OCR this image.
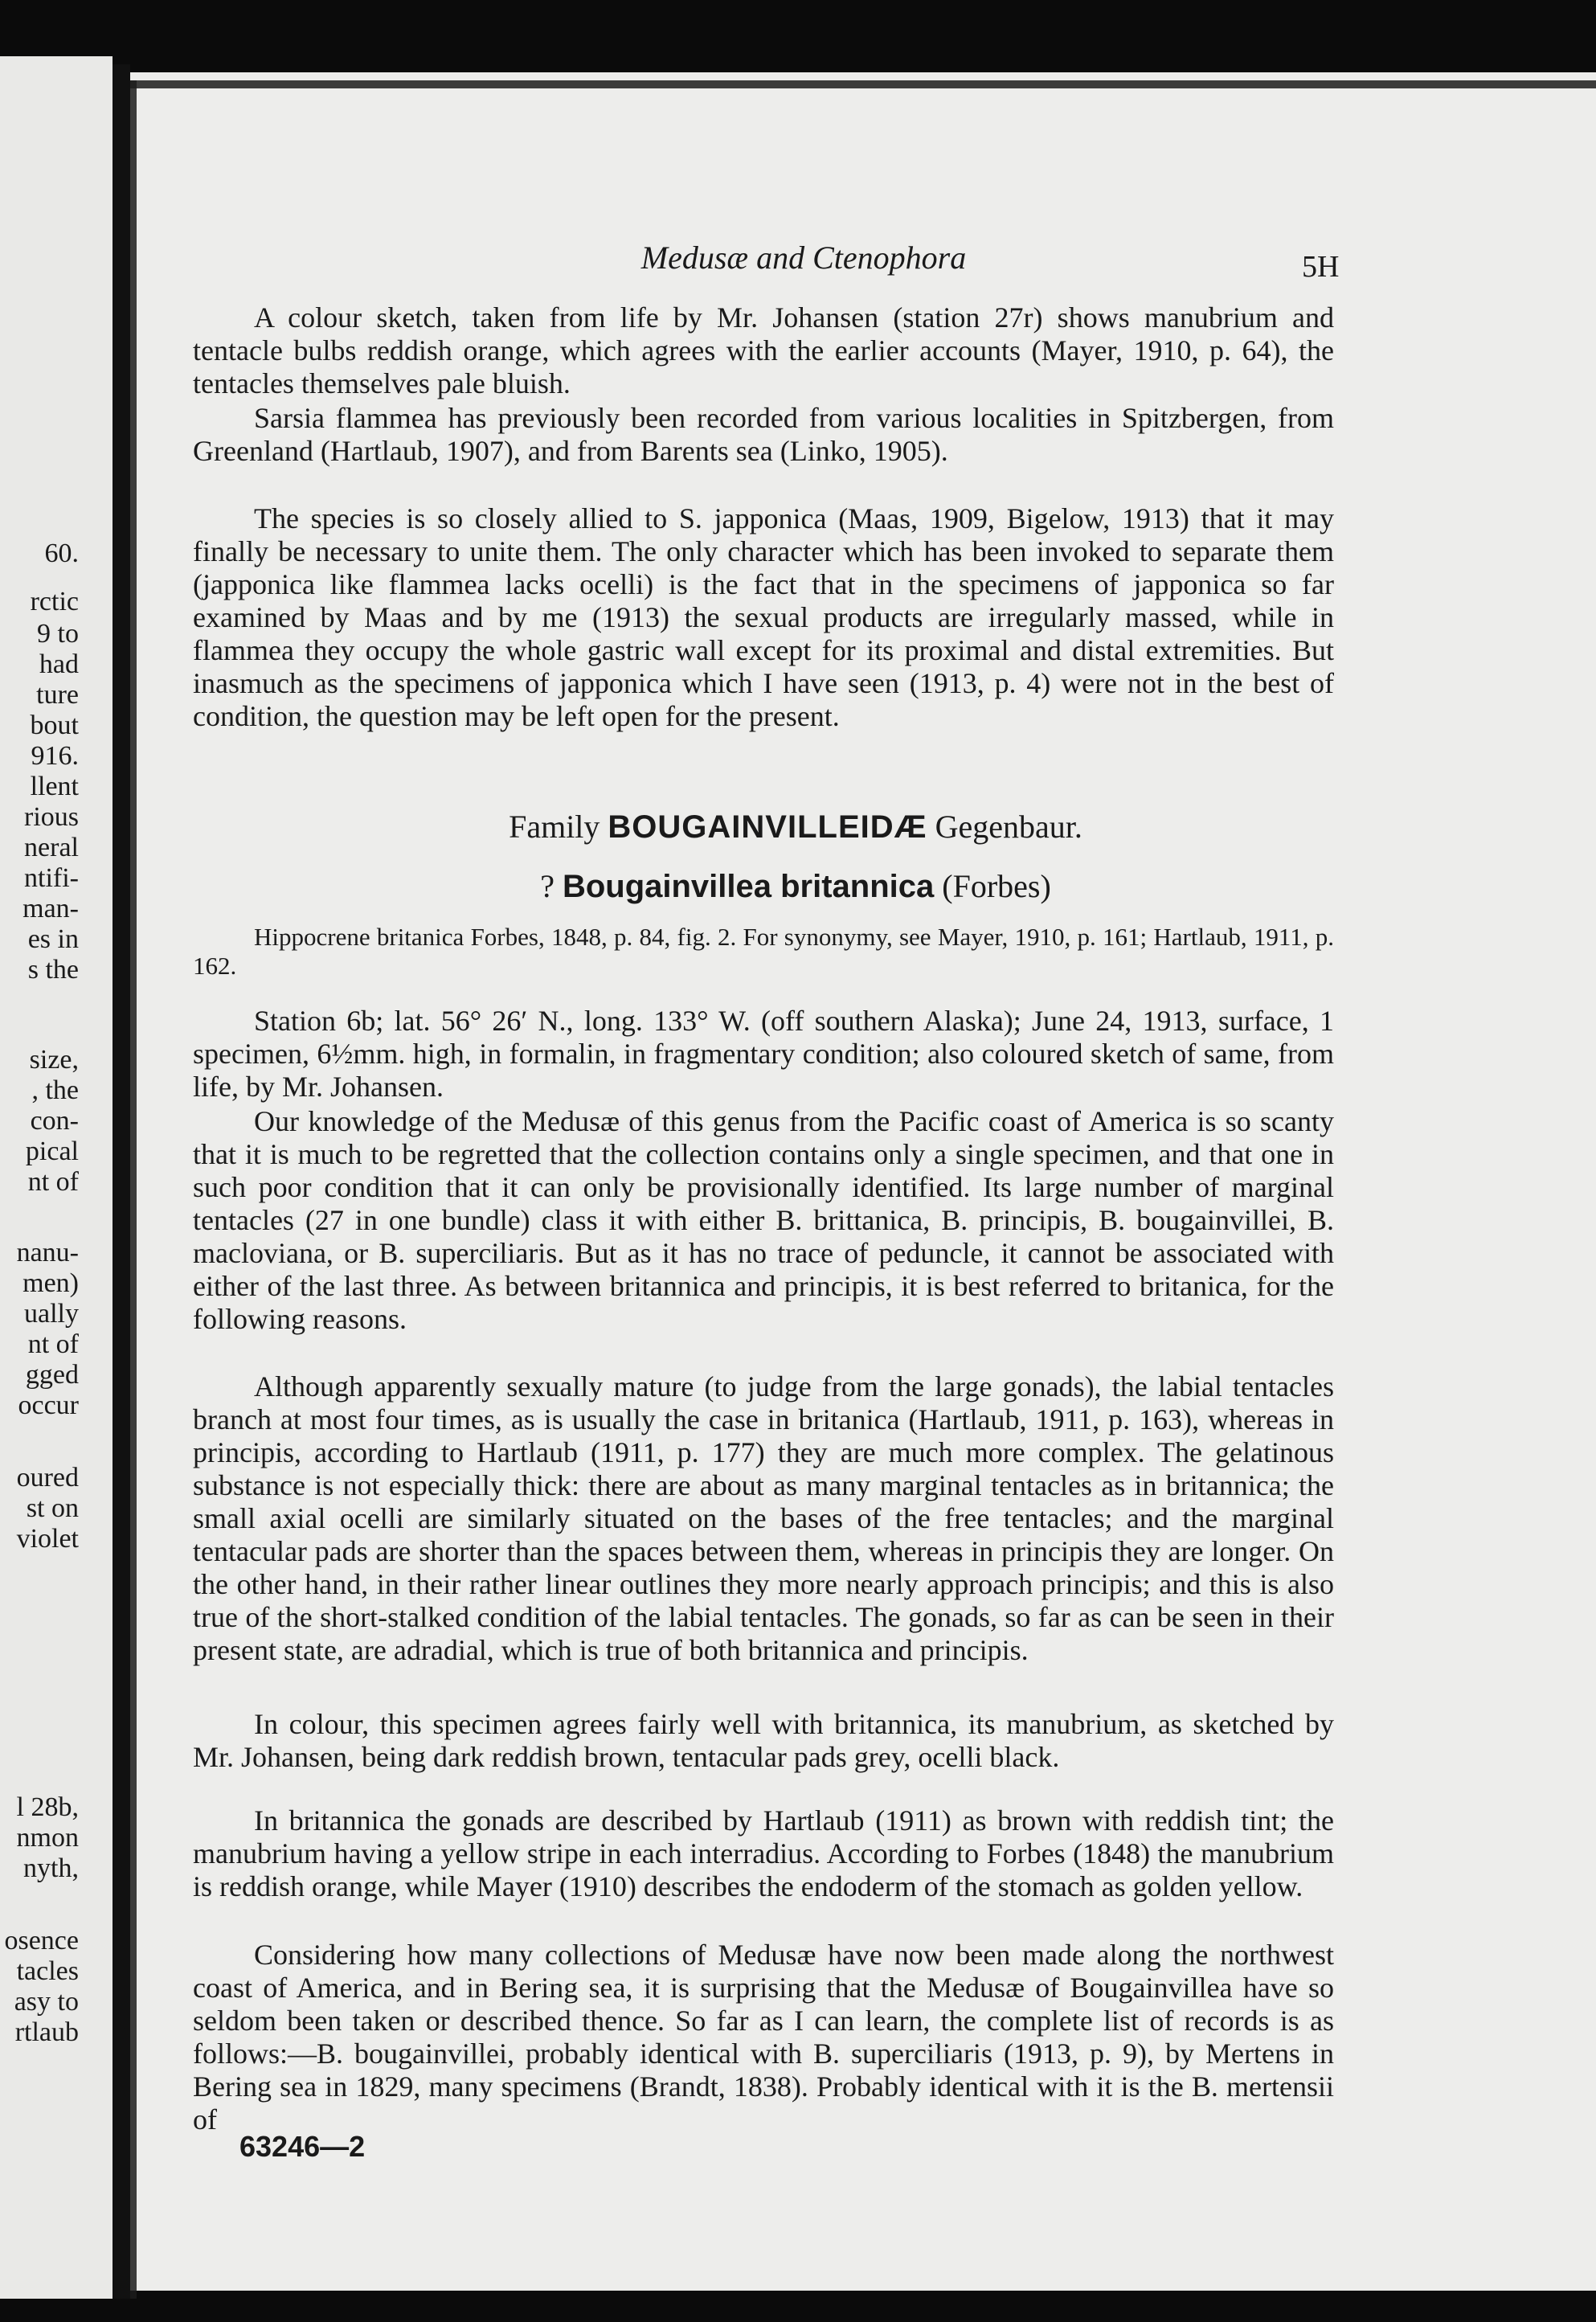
60.
rctic
9 to
had
ture
bout
916.
llent
rious
neral
ntifi-
man-
es in
s the
size,
, the
con-
pical
nt of
nanu-
men)
ually
nt of
gged
occur
oured
st on
violet
l 28b,
nmon
nyth,
osence
tacles
asy to
rtlaub
Medusæ and Ctenophora	5H

A colour sketch, taken from life by Mr. Johansen (station 27r) shows manubrium and tentacle bulbs reddish orange, which agrees with the earlier accounts (Mayer, 1910, p. 64), the tentacles themselves pale bluish.

Sarsia flammea has previously been recorded from various localities in Spitzbergen, from Greenland (Hartlaub, 1907), and from Barents sea (Linko, 1905).

The species is so closely allied to S. japponica (Maas, 1909, Bigelow, 1913) that it may finally be necessary to unite them. The only character which has been invoked to separate them (japponica like flammea lacks ocelli) is the fact that in the specimens of japponica so far examined by Maas and by me (1913) the sexual products are irregularly massed, while in flammea they occupy the whole gastric wall except for its proximal and distal extremities. But inasmuch as the specimens of japponica which I have seen (1913, p. 4) were not in the best of condition, the question may be left open for the present.

Family BOUGAINVILLEIDÆ Gegenbaur.
? Bougainvillea britannica (Forbes)

Hippocrene britanica Forbes, 1848, p. 84, fig. 2. For synonymy, see Mayer, 1910, p. 161; Hartlaub, 1911, p. 162.

Station 6b; lat. 56° 26′ N., long. 133° W. (off southern Alaska); June 24, 1913, surface, 1 specimen, 6½mm. high, in formalin, in fragmentary condition; also coloured sketch of same, from life, by Mr. Johansen.

Our knowledge of the Medusæ of this genus from the Pacific coast of America is so scanty that it is much to be regretted that the collection contains only a single specimen, and that one in such poor condition that it can only be provisionally identified. Its large number of marginal tentacles (27 in one bundle) class it with either B. brittanica, B. principis, B. bougainvillei, B. macloviana, or B. superciliaris. But as it has no trace of peduncle, it cannot be associated with either of the last three. As between britannica and principis, it is best referred to britanica, for the following reasons.

Although apparently sexually mature (to judge from the large gonads), the labial tentacles branch at most four times, as is usually the case in britanica (Hartlaub, 1911, p. 163), whereas in principis, according to Hartlaub (1911, p. 177) they are much more complex. The gelatinous substance is not especially thick: there are about as many marginal tentacles as in britannica; the small axial ocelli are similarly situated on the bases of the free tentacles; and the marginal tentacular pads are shorter than the spaces between them, whereas in principis they are longer. On the other hand, in their rather linear outlines they more nearly approach principis; and this is also true of the short-stalked condition of the labial tentacles. The gonads, so far as can be seen in their present state, are adradial, which is true of both britannica and principis.

In colour, this specimen agrees fairly well with britannica, its manubrium, as sketched by Mr. Johansen, being dark reddish brown, tentacular pads grey, ocelli black.

In britannica the gonads are described by Hartlaub (1911) as brown with reddish tint; the manubrium having a yellow stripe in each interradius. According to Forbes (1848) the manubrium is reddish orange, while Mayer (1910) describes the endoderm of the stomach as golden yellow.

Considering how many collections of Medusæ have now been made along the northwest coast of America, and in Bering sea, it is surprising that the Medusæ of Bougainvillea have so seldom been taken or described thence. So far as I can learn, the complete list of records is as follows:—B. bougainvillei, probably identical with B. superciliaris (1913, p. 9), by Mertens in Bering sea in 1829, many specimens (Brandt, 1838). Probably identical with it is the B. mertensii of

63246—2
